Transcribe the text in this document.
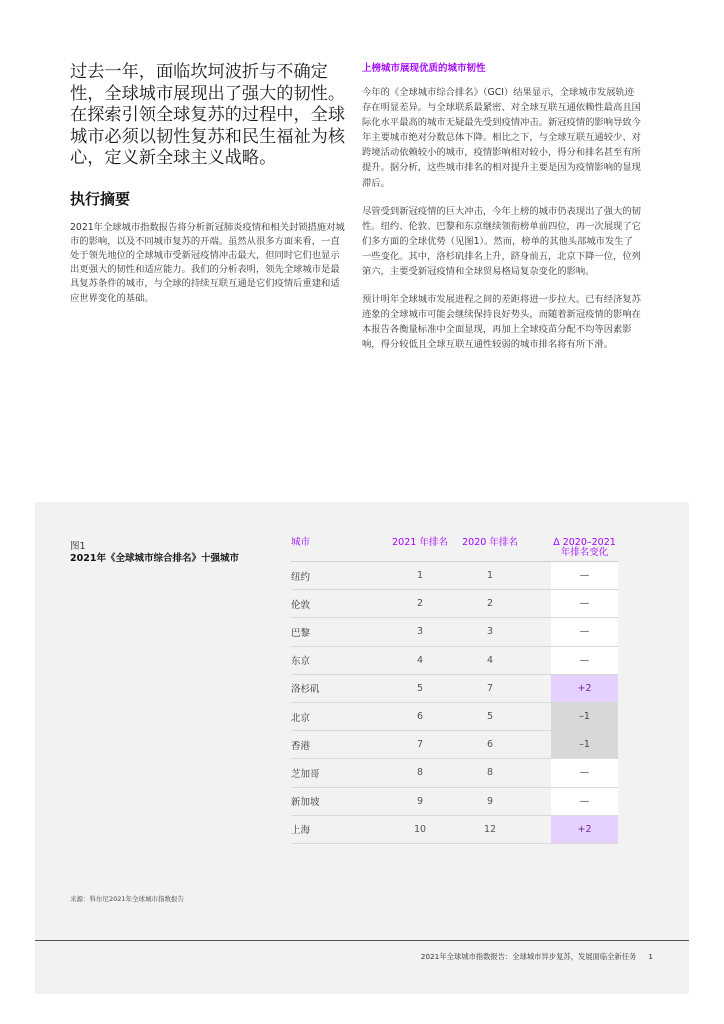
过去一年，面临坎坷波折与不确定性，全球城市展现出了强大的韧性。在探索引领全球复苏的过程中，全球城市必须以韧性复苏和民生福祉为核心，定义新全球主义战略。

执行摘要

2021年全球城市指数报告将分析新冠肺炎疫情和相关封锁措施对城市的影响，以及不同城市复苏的开端。虽然从很多方面来看，一直处于领先地位的全球城市受新冠疫情冲击最大，但同时它们也显示出更强大的韧性和适应能力。我们的分析表明，领先全球城市是最具复苏条件的城市，与全球的持续互联互通是它们疫情后重建和适应世界变化的基础。

上榜城市展现优质的城市韧性

今年的《全球城市综合排名》（GCI）结果显示，全球城市发展轨迹存在明显差异。与全球联系最紧密、对全球互联互通依赖性最高且国际化水平最高的城市无疑最先受到疫情冲击。新冠疫情的影响导致今年主要城市绝对分数总体下降。相比之下，与全球互联互通较少、对跨境活动依赖较小的城市，疫情影响相对较小，得分和排名甚至有所提升。据分析，这些城市排名的相对提升主要是因为疫情影响的显现滞后。

尽管受到新冠疫情的巨大冲击，今年上榜的城市仍表现出了强大的韧性。纽约、伦敦、巴黎和东京继续领衔榜单前四位，再一次展现了它们多方面的全球优势（见图1）。然而，榜单的其他头部城市发生了一些变化。其中，洛杉矶排名上升，跻身前五，北京下降一位，位列第六，主要受新冠疫情和全球贸易格局复杂变化的影响。

预计明年全球城市发展进程之间的差距将进一步拉大。已有经济复苏迹象的全球城市可能会继续保持良好势头，而随着新冠疫情的影响在本报告各衡量标准中全面显现，再加上全球疫苗分配不均等因素影响，得分较低且全球互联互通性较弱的城市排名将有所下滑。

图1
2021年《全球城市综合排名》十强城市
城市	2021 年排名	2020 年排名	Δ 2020–2021年排名变化
纽约	1	1	—
伦敦	2	2	—
巴黎	3	3	—
东京	4	4	—
洛杉矶	5	7	+2
北京	6	5	–1
香港	7	6	–1
芝加哥	8	8	—
新加坡	9	9	—
上海	10	12	+2
来源：科尔尼2021年全球城市指数报告
2021年全球城市指数报告：全球城市异步复苏，发展面临全新任务 1
